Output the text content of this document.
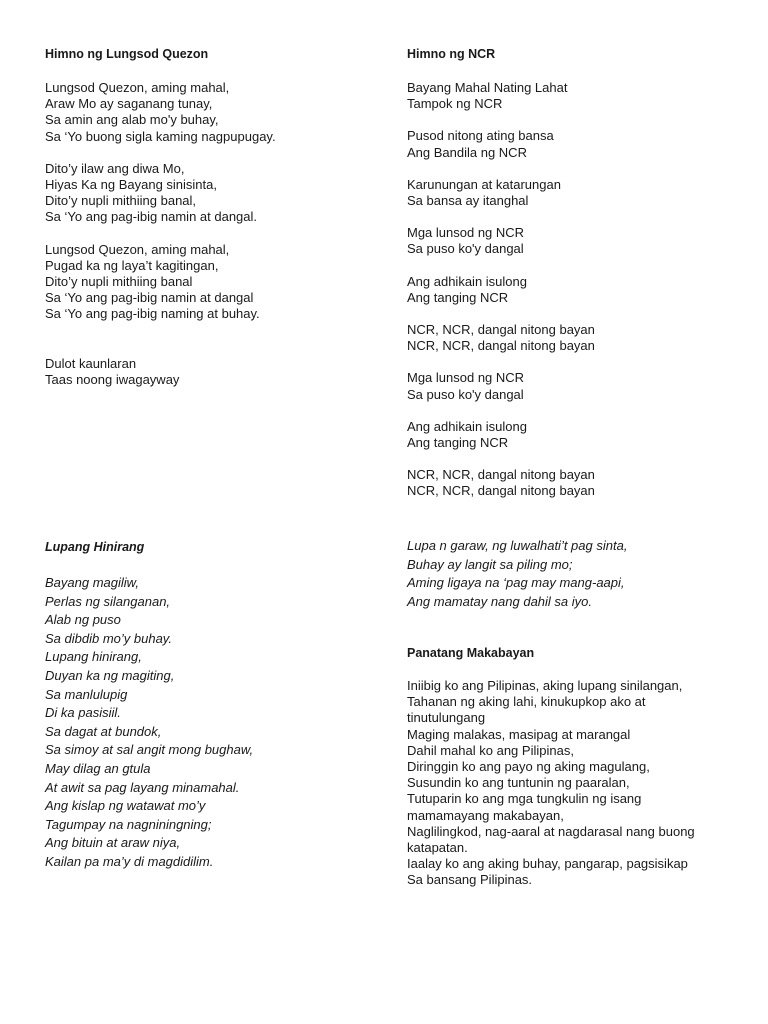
Himno ng Lungsod Quezon

Lungsod Quezon, aming mahal,
Araw Mo ay saganang tunay,
Sa amin ang alab mo'y buhay,
Sa ‘Yo buong sigla kaming nagpupugay.

Dito’y ilaw ang diwa Mo,
Hiyas Ka ng Bayang sinisinta,
Dito’y nupli mithiing banal,
Sa ‘Yo ang pag-ibig namin at dangal.

Lungsod Quezon, aming mahal,
Pugad ka ng laya’t kagitingan,
Dito’y nupli mithiing banal
Sa ‘Yo ang pag-ibig namin at dangal
Sa ‘Yo ang pag-ibig naming at buhay.

Dulot kaunlaran
Taas noong iwagayway

Himno ng NCR

Bayang Mahal Nating Lahat
Tampok ng NCR

Pusod nitong ating bansa
Ang Bandila ng NCR

Karunungan at katarungan
Sa bansa ay itanghal

Mga lunsod ng NCR
Sa puso ko'y dangal

Ang adhikain isulong
Ang tanging NCR

NCR, NCR, dangal nitong bayan
NCR, NCR, dangal nitong bayan

Mga lunsod ng NCR
Sa puso ko'y dangal

Ang adhikain isulong
Ang tanging NCR

NCR, NCR, dangal nitong bayan
NCR, NCR, dangal nitong bayan

Lupang Hinirang

Bayang magiliw,
Perlas ng silanganan,
Alab ng puso
Sa dibdib mo’y buhay.
Lupang hinirang,
Duyan ka ng magiting,
Sa manlulupig
Di ka pasisiil.
Sa dagat at bundok,
Sa simoy at sal angit mong bughaw,
May dilag an gtula
At awit sa pag layang minamahal.
Ang kislap ng watawat mo’y
Tagumpay na nagniningning;
Ang bituin at araw niya,
Kailan pa ma’y di magdidilim.

Lupa n garaw, ng luwalhati’t pag sinta,
Buhay ay langit sa piling mo;
Aming ligaya na ‘pag may mang-aapi,
Ang mamatay nang dahil sa iyo.

Panatang Makabayan

Iniibig ko ang Pilipinas, aking lupang sinilangan,
Tahanan ng aking lahi, kinukupkop ako at
tinutulungang
Maging malakas, masipag at marangal
Dahil mahal ko ang Pilipinas,
Diringgin ko ang payo ng aking magulang,
Susundin ko ang tuntunin ng paaralan,
Tutuparin ko ang mga tungkulin ng isang
mamamayang makabayan,
Naglilingkod, nag-aaral at nagdarasal nang buong
katapatan.
Iaalay ko ang aking buhay, pangarap, pagsisikap
Sa bansang Pilipinas.
